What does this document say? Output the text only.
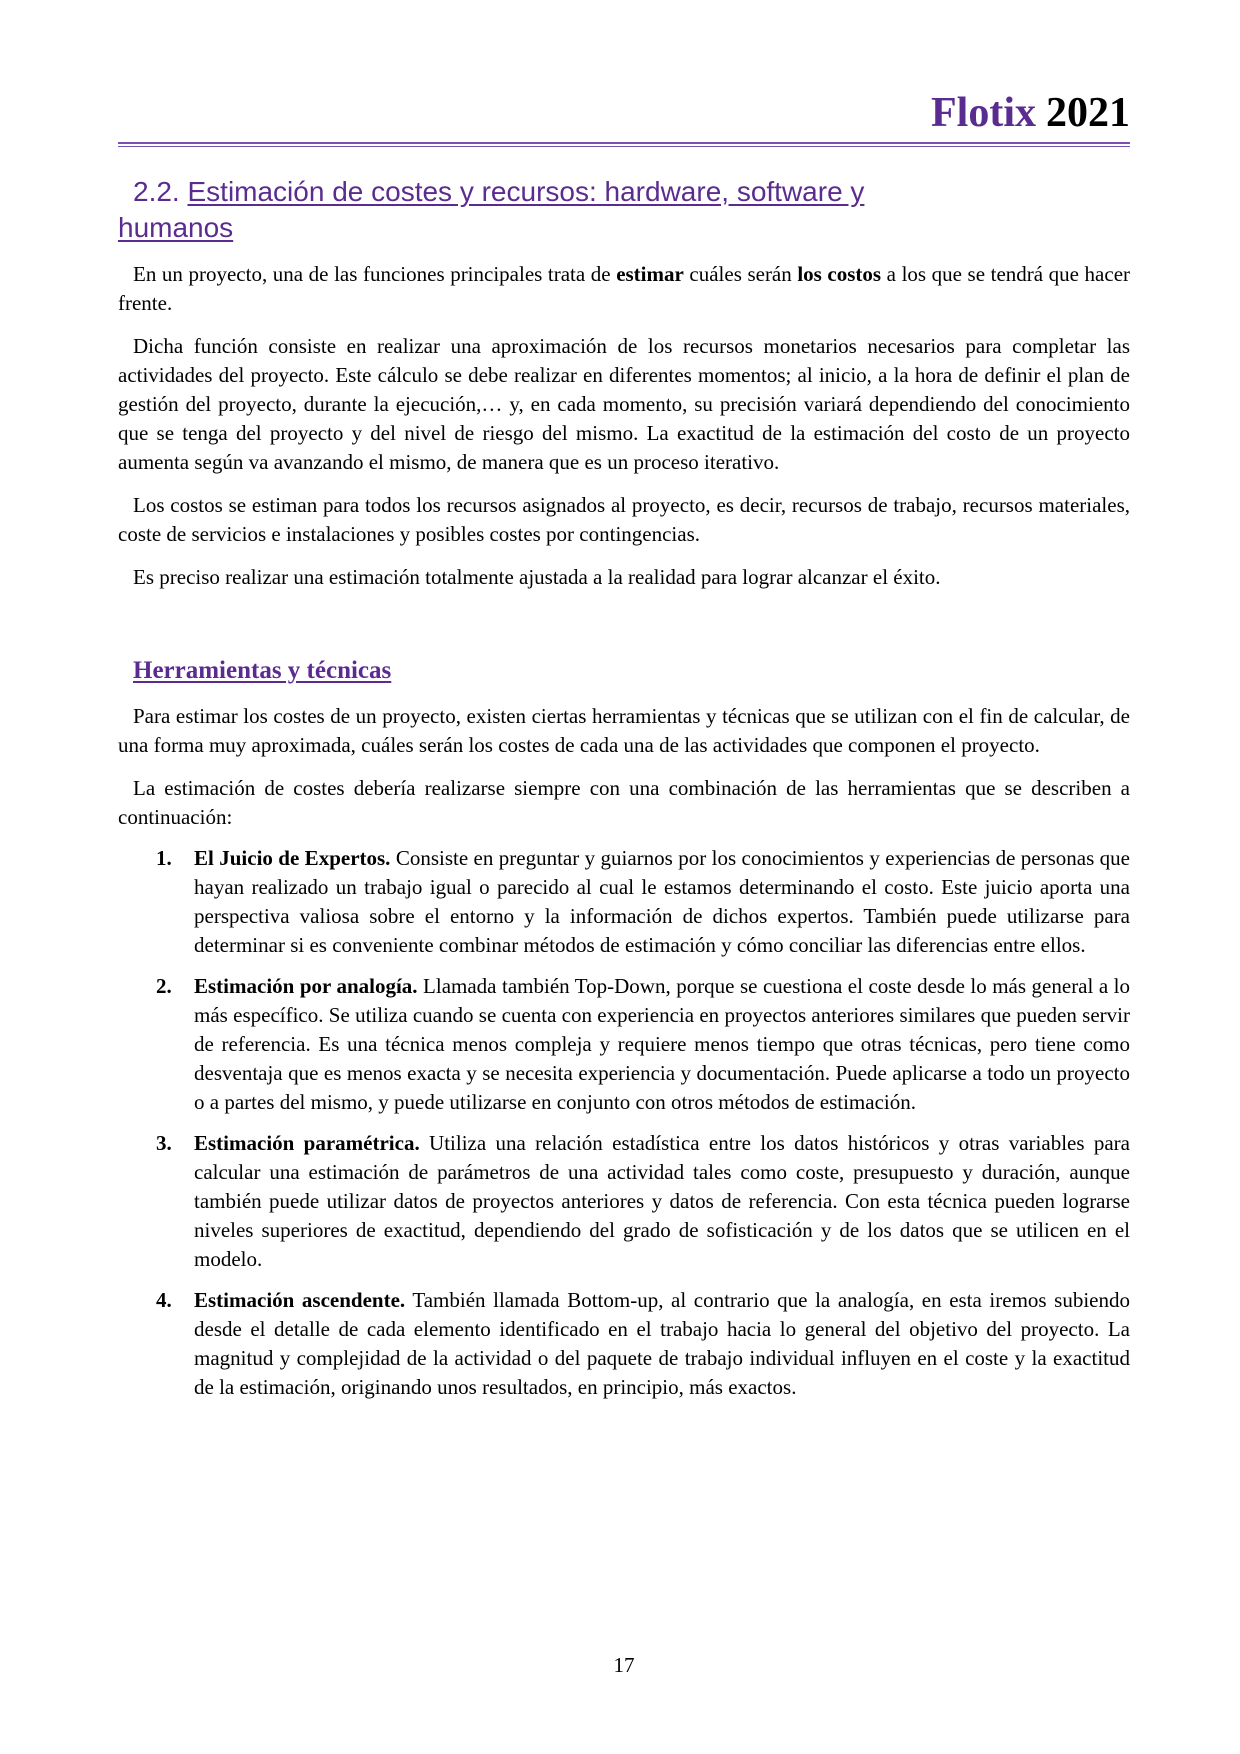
Flotix 2021
2.2. Estimación de costes y recursos: hardware, software y
humanos

En un proyecto, una de las funciones principales trata de estimar cuáles serán los costos a los que se tendrá que hacer frente.

Dicha función consiste en realizar una aproximación de los recursos monetarios necesarios para completar las actividades del proyecto. Este cálculo se debe realizar en diferentes momentos; al inicio, a la hora de definir el plan de gestión del proyecto, durante la ejecución,… y, en cada momento, su precisión variará dependiendo del conocimiento que se tenga del proyecto y del nivel de riesgo del mismo. La exactitud de la estimación del costo de un proyecto aumenta según va avanzando el mismo, de manera que es un proceso iterativo.

Los costos se estiman para todos los recursos asignados al proyecto, es decir, recursos de trabajo, recursos materiales, coste de servicios e instalaciones y posibles costes por contingencias.

Es preciso realizar una estimación totalmente ajustada a la realidad para lograr alcanzar el éxito.

Herramientas y técnicas

Para estimar los costes de un proyecto, existen ciertas herramientas y técnicas que se utilizan con el fin de calcular, de una forma muy aproximada, cuáles serán los costes de cada una de las actividades que componen el proyecto.

La estimación de costes debería realizarse siempre con una combinación de las herramientas que se describen a continuación:

1. El Juicio de Expertos. Consiste en preguntar y guiarnos por los conocimientos y experiencias de personas que hayan realizado un trabajo igual o parecido al cual le estamos determinando el costo. Este juicio aporta una perspectiva valiosa sobre el entorno y la información de dichos expertos. También puede utilizarse para determinar si es conveniente combinar métodos de estimación y cómo conciliar las diferencias entre ellos.
2. Estimación por analogía. Llamada también Top-Down, porque se cuestiona el coste desde lo más general a lo más específico. Se utiliza cuando se cuenta con experiencia en proyectos anteriores similares que pueden servir de referencia. Es una técnica menos compleja y requiere menos tiempo que otras técnicas, pero tiene como desventaja que es menos exacta y se necesita experiencia y documentación. Puede aplicarse a todo un proyecto o a partes del mismo, y puede utilizarse en conjunto con otros métodos de estimación.
3. Estimación paramétrica. Utiliza una relación estadística entre los datos históricos y otras variables para calcular una estimación de parámetros de una actividad tales como coste, presupuesto y duración, aunque también puede utilizar datos de proyectos anteriores y datos de referencia. Con esta técnica pueden lograrse niveles superiores de exactitud, dependiendo del grado de sofisticación y de los datos que se utilicen en el modelo.
4. Estimación ascendente. También llamada Bottom-up, al contrario que la analogía, en esta iremos subiendo desde el detalle de cada elemento identificado en el trabajo hacia lo general del objetivo del proyecto. La magnitud y complejidad de la actividad o del paquete de trabajo individual influyen en el coste y la exactitud de la estimación, originando unos resultados, en principio, más exactos.
17
